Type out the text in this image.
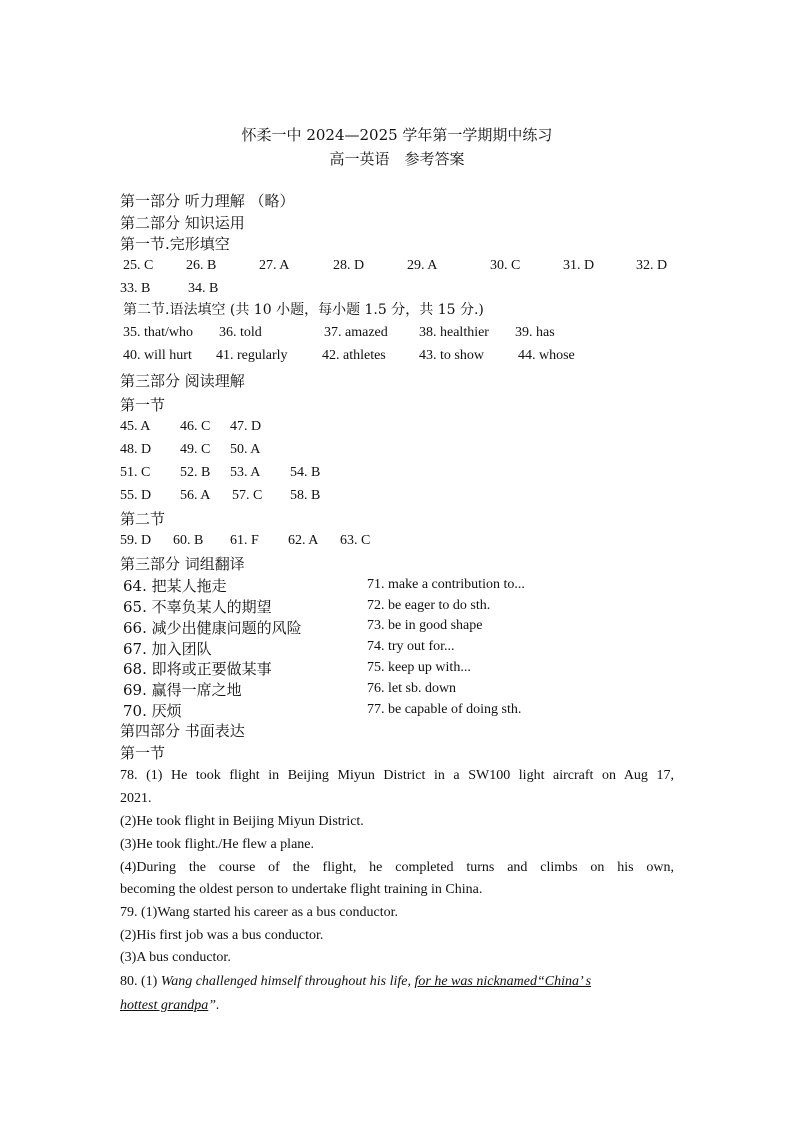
怀柔一中 2024—2025 学年第一学期期中练习
高一英语　参考答案
第一部分 听力理解 （略）
第二部分 知识运用
第一节.完形填空
25. C 26. B	27. A	28. D	29. A	30. C	31. D	32. D
33. B	34. B
第二节.语法填空 (共 10 小题，每小题 1.5 分，共 15 分.)
35. that/who 36. told	37. amazed 38. healthier 39. has
40. will hurt 41. regularly 42. athletes 43. to show 44. whose
第三部分 阅读理解
第一节
45. A 46. C 47. D
48. D 49. C 50. A
51. C 52. B 53. A 54. B
55. D 56. A 57. C 58. B
第二节
59. D 60. B 61. F 62. A 63. C
第三部分 词组翻译
64. 把某人拖走
65. 不辜负某人的期望
66. 减少出健康问题的风险
67. 加入团队
68. 即将或正要做某事
69. 赢得一席之地
70. 厌烦
71. make a contribution to...
72. be eager to do sth.
73. be in good shape
74. try out for...
75. keep up with...
76. let sb. down
77. be capable of doing sth.
第四部分 书面表达
第一节
78. (1) He took flight in Beijing Miyun District in a SW100 light aircraft on Aug 17,
2021.
(2)He took flight in Beijing Miyun District.
(3)He took flight./He flew a plane.
(4)During the course of the flight, he completed turns and climbs on his own,
becoming the oldest person to undertake flight training in China.
79. (1)Wang started his career as a bus conductor.
(2)His first job was a bus conductor.
(3)A bus conductor.
80. (1) Wang challenged himself throughout his life, for he was nicknamed“China’ s
hottest grandpa”.
